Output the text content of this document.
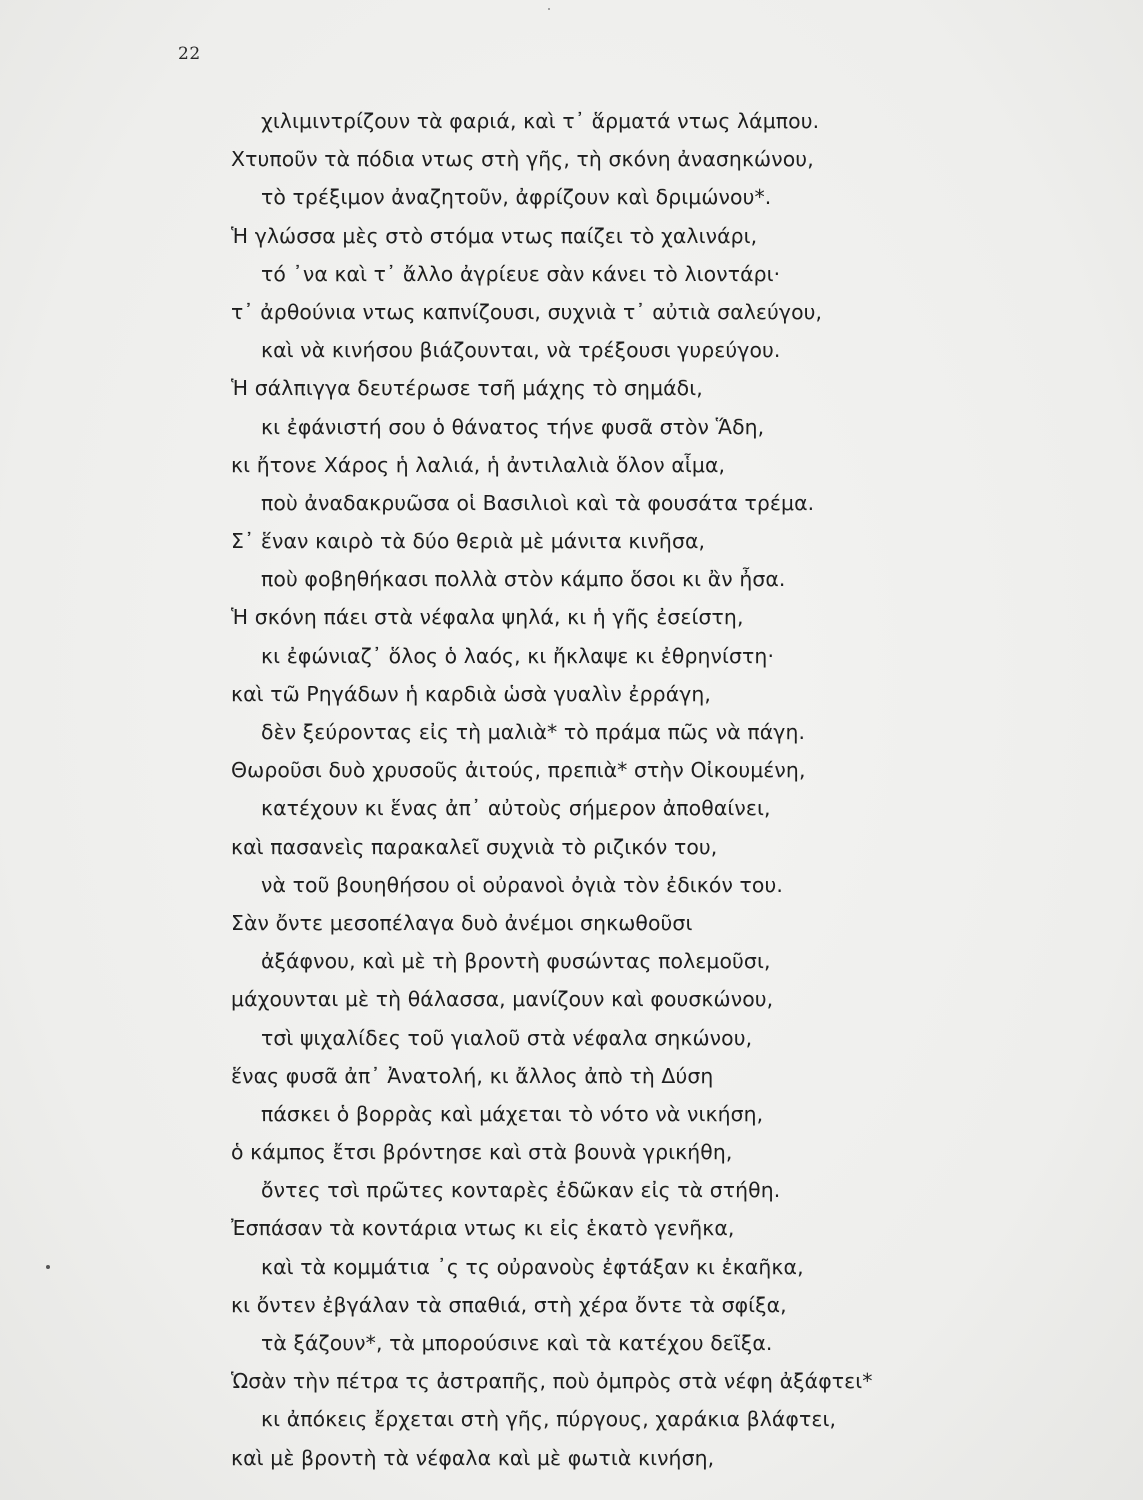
22
χιλιμιντρίζουν τὰ φαριά, καὶ τ᾿ ἅρματά ντως λάμπου.
Χτυποῦν τὰ πόδια ντως στὴ γῆς, τὴ σκόνη ἀνασηκώνου,
τὸ τρέξιμον ἀναζητοῦν, ἀφρίζουν καὶ δριμώνου*.
Ἡ γλώσσα μὲς στὸ στόμα ντως παίζει τὸ χαλινάρι,
τό ᾽να καὶ τ᾿ ἄλλο ἀγρίευε σὰν κάνει τὸ λιοντάρι·
τ᾿ ἀρθούνια ντως καπνίζουσι, συχνιὰ τ᾿ αὐτιὰ σαλεύγου,
καὶ νὰ κινήσου βιάζουνται, νὰ τρέξουσι γυρεύγου.
Ἡ σάλπιγγα δευτέρωσε τσῆ μάχης τὸ σημάδι,
κι ἐφάνιστή σου ὁ θάνατος τήνε φυσᾶ στὸν Ἅδη,
κι ἤτονε Χάρος ἡ λαλιά, ἡ ἀντιλαλιὰ ὅλον αἷμα,
ποὺ ἀναδακρυῶσα οἱ Βασιλιοὶ καὶ τὰ φουσάτα τρέμα.
Σ᾿ ἕναν καιρὸ τὰ δύο θεριὰ μὲ μάνιτα κινῆσα,
ποὺ φοβηθήκασι πολλὰ στὸν κάμπο ὅσοι κι ἂν ἦσα.
Ἡ σκόνη πάει στὰ νέφαλα ψηλά, κι ἡ γῆς ἐσείστη,
κι ἐφώνιαζ᾿ ὅλος ὁ λαός, κι ἤκλαψε κι ἐθρηνίστη·
καὶ τῶ Ρηγάδων ἡ καρδιὰ ὡσὰ γυαλὶν ἐρράγη,
δὲν ξεύροντας εἰς τὴ μαλιὰ* τὸ πράμα πῶς νὰ πάγη.
Θωροῦσι δυὸ χρυσοῦς ἀιτούς, πρεπιὰ* στὴν Οἰκουμένη,
κατέχουν κι ἕνας ἀπ᾿ αὐτοὺς σήμερον ἀποθαίνει,
καὶ πασανεὶς παρακαλεῖ συχνιὰ τὸ ριζικόν του,
νὰ τοῦ βουηθήσου οἱ οὐρανοὶ ὀγιὰ τὸν ἐδικόν του.
Σὰν ὄντε μεσοπέλαγα δυὸ ἀνέμοι σηκωθοῦσι
ἀξάφνου, καὶ μὲ τὴ βροντὴ φυσώντας πολεμοῦσι,
μάχουνται μὲ τὴ θάλασσα, μανίζουν καὶ φουσκώνου,
τσὶ ψιχαλίδες τοῦ γιαλοῦ στὰ νέφαλα σηκώνου,
ἕνας φυσᾶ ἀπ᾿ Ἀνατολή, κι ἄλλος ἀπὸ τὴ Δύση
πάσκει ὁ βορρὰς καὶ μάχεται τὸ νότο νὰ νικήση,
ὁ κάμπος ἔτσι βρόντησε καὶ στὰ βουνὰ γρικήθη,
ὄντες τσὶ πρῶτες κονταρὲς ἐδῶκαν εἰς τὰ στήθη.
Ἐσπάσαν τὰ κοντάρια ντως κι εἰς ἑκατὸ γενῆκα,
καὶ τὰ κομμάτια ᾽ς τς οὐρανοὺς ἐφτάξαν κι ἐκαῆκα,
κι ὄντεν ἐβγάλαν τὰ σπαθιά, στὴ χέρα ὄντε τὰ σφίξα,
τὰ ξάζουν*, τὰ μπορούσινε καὶ τὰ κατέχου δεῖξα.
Ὡσὰν τὴν πέτρα τς ἀστραπῆς, ποὺ ὀμπρὸς στὰ νέφη ἀξάφτει*
κι ἀπόκεις ἔρχεται στὴ γῆς, πύργους, χαράκια βλάφτει,
καὶ μὲ βροντὴ τὰ νέφαλα καὶ μὲ φωτιὰ κινήση,
